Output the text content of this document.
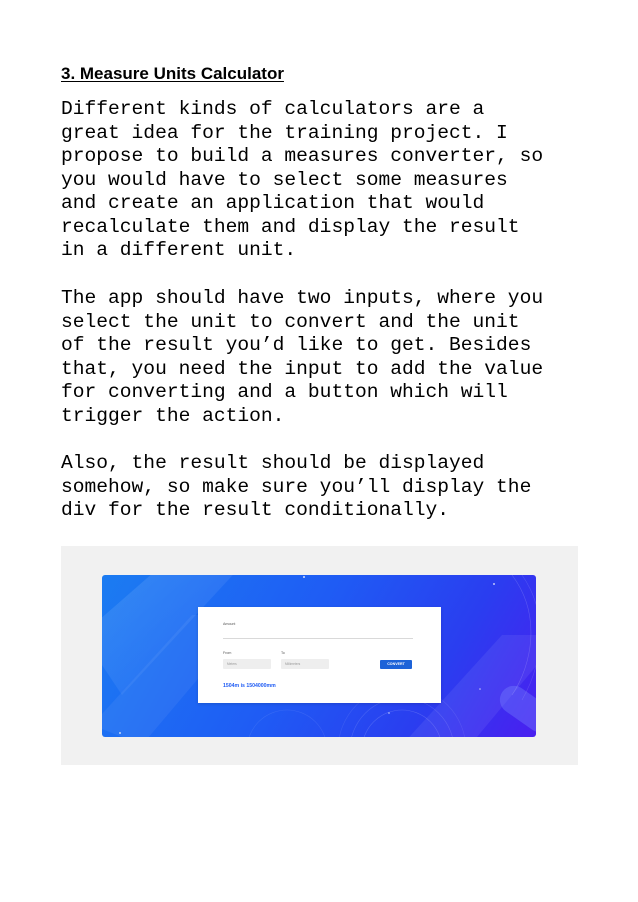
3. Measure Units Calculator

Different kinds of calculators are a
great idea for the training project. I
propose to build a measures converter, so
you would have to select some measures
and create an application that would
recalculate them and display the result
in a different unit.

The app should have two inputs, where you
select the unit to convert and the unit
of the result you’d like to get. Besides
that, you need the input to add the value
for converting and a button which will
trigger the action.

Also, the result should be displayed
somehow, so make sure you’ll display the
div for the result conditionally.

Amount
From	To
Meters	Millimeters	CONVERT
1504m is 1504000mm
